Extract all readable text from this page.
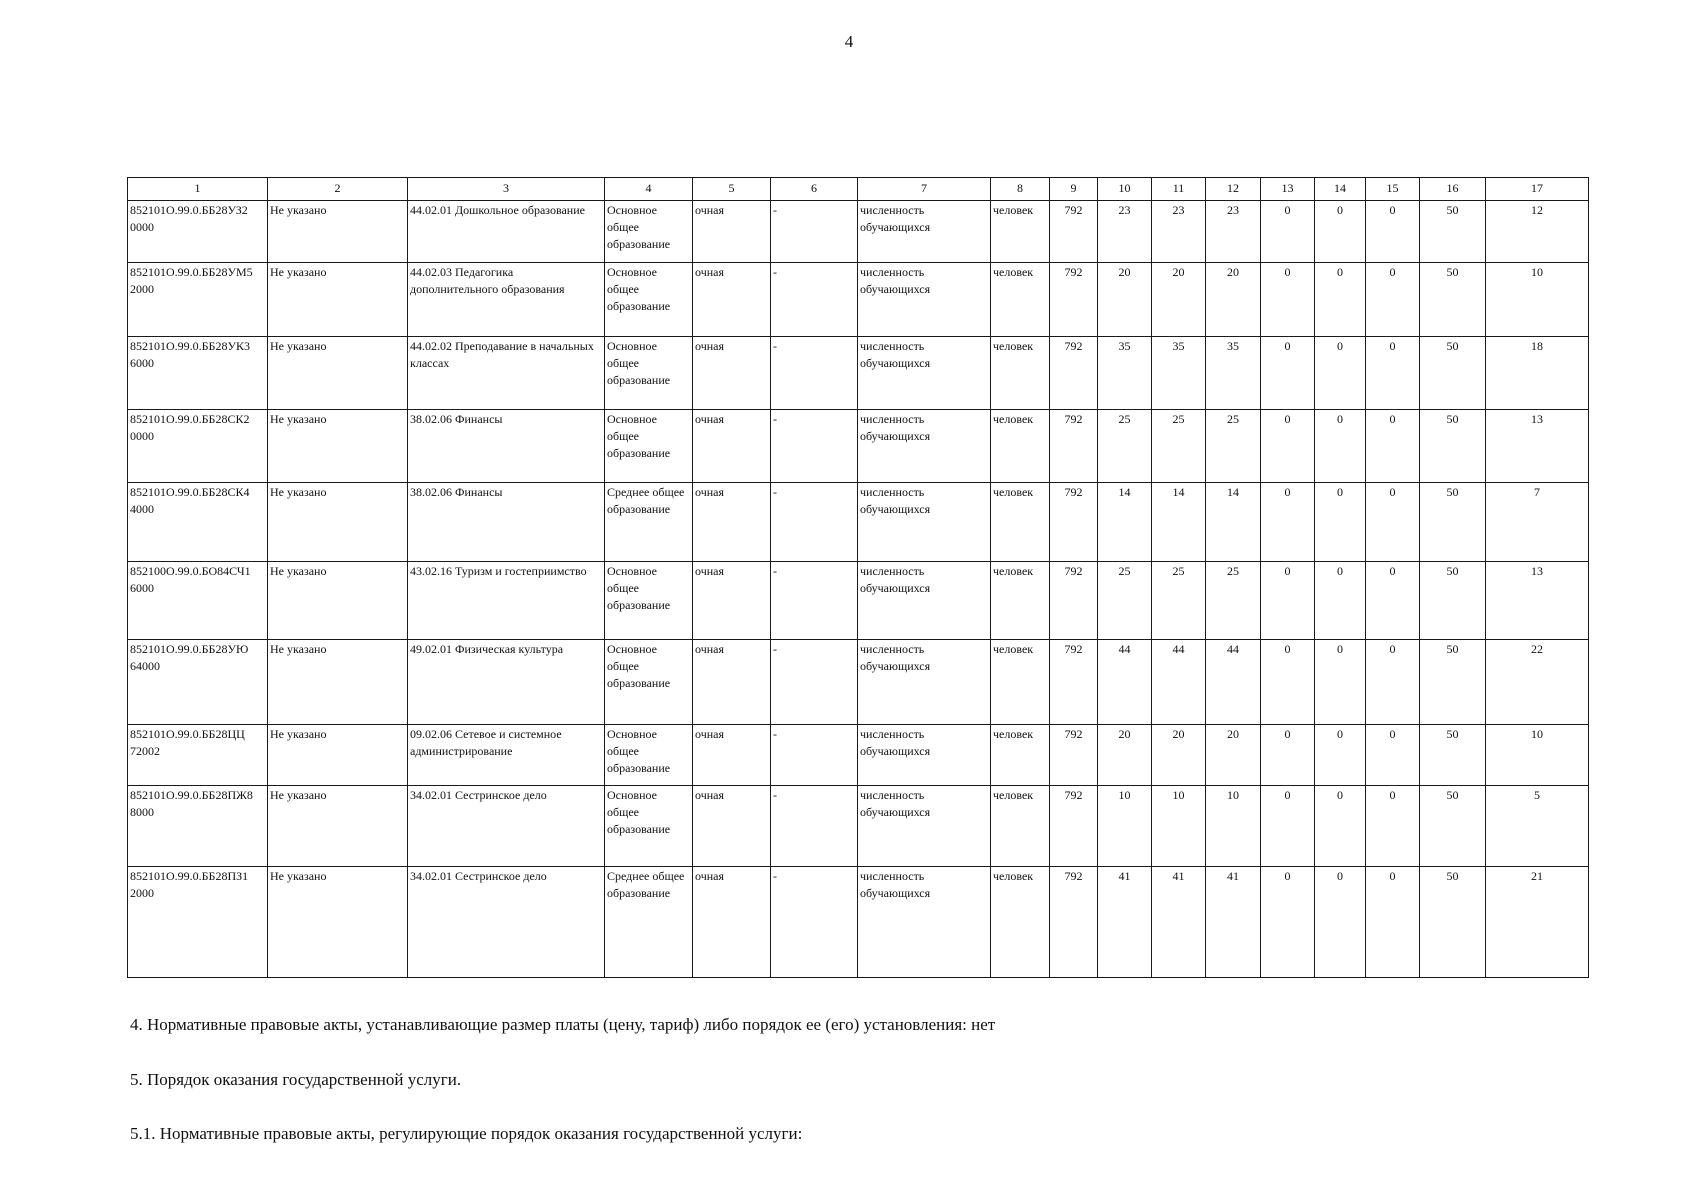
4
1	2	3	4	5	6	7	8	9	10	11	12	13	14	15	16	17
852101О.99.0.ББ28УЗ2 0000	Не указано	44.02.01 Дошкольное образование	Основное общее образование	очная	-	численность обучающихся	человек	792	23	23	23	0	0	0	50	12
852101О.99.0.ББ28УМ5 2000	Не указано	44.02.03 Педагогика дополнительного образования	Основное общее образование	очная	-	численность обучающихся	человек	792	20	20	20	0	0	0	50	10
852101О.99.0.ББ28УК3 6000	Не указано	44.02.02 Преподавание в начальных классах	Основное общее образование	очная	-	численность обучающихся	человек	792	35	35	35	0	0	0	50	18
852101О.99.0.ББ28СК2 0000	Не указано	38.02.06 Финансы	Основное общее образование	очная	-	численность обучающихся	человек	792	25	25	25	0	0	0	50	13
852101О.99.0.ББ28СК4 4000	Не указано	38.02.06 Финансы	Среднее общее образование	очная	-	численность обучающихся	человек	792	14	14	14	0	0	0	50	7
852100О.99.0.БО84СЧ1 6000	Не указано	43.02.16 Туризм и гостеприимство	Основное общее образование	очная	-	численность обучающихся	человек	792	25	25	25	0	0	0	50	13
852101О.99.0.ББ28УЮ 64000	Не указано	49.02.01 Физическая культура	Основное общее образование	очная	-	численность обучающихся	человек	792	44	44	44	0	0	0	50	22
852101О.99.0.ББ28ЦЦ 72002	Не указано	09.02.06 Сетевое и системное администрирование	Основное общее образование	очная	-	численность обучающихся	человек	792	20	20	20	0	0	0	50	10
852101О.99.0.ББ28ПЖ8 8000	Не указано	34.02.01 Сестринское дело	Основное общее образование	очная	-	численность обучающихся	человек	792	10	10	10	0	0	0	50	5
852101О.99.0.ББ28ПЗ1 2000	Не указано	34.02.01 Сестринское дело	Среднее общее образование	очная	-	численность обучающихся	человек	792	41	41	41	0	0	0	50	21
4. Нормативные правовые акты, устанавливающие размер платы (цену, тариф) либо порядок ее (его) установления: нет
5. Порядок оказания государственной услуги.
5.1. Нормативные правовые акты, регулирующие порядок оказания государственной услуги:
